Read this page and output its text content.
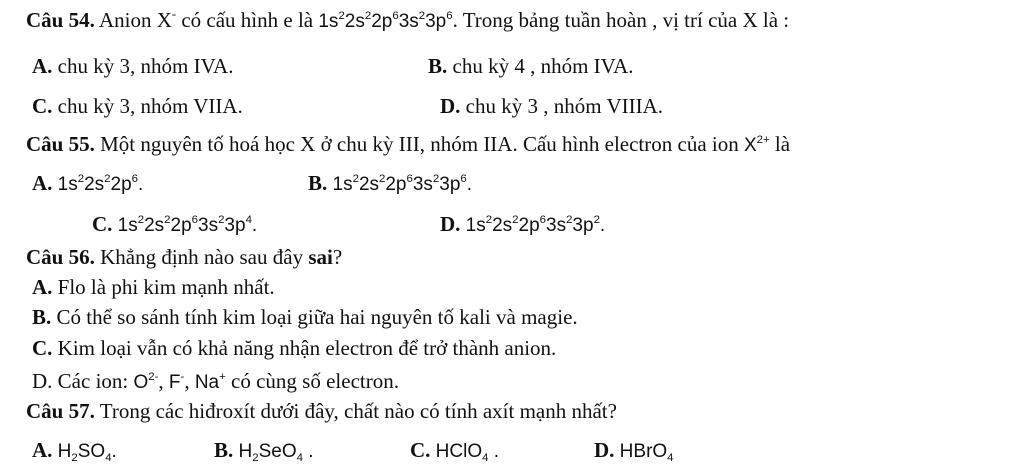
Câu 54. Anion X- có cấu hình e là $1s^22s^22p^63s^23p^6$. Trong bảng tuần hoàn , vị trí của X là :
A. chu kỳ 3, nhóm IVA.	B. chu kỳ 4 , nhóm IVA.
C. chu kỳ 3, nhóm VIIA.	D. chu kỳ 3 , nhóm VIIIA.
Câu 55. Một nguyên tố hoá học X ở chu kỳ III, nhóm IIA. Cấu hình electron của ion $X^{2+}$ là
A. $1s^22s^22p^6$.	B. $1s^22s^22p^63s^23p^6$.
C. $1s^22s^22p^63s^23p^4$.	D. $1s^22s^22p^63s^23p^2$.
Câu 56. Khẳng định nào sau đây sai?
A. Flo là phi kim mạnh nhất.
B. Có thể so sánh tính kim loại giữa hai nguyên tố kali và magie.
C. Kim loại vẫn có khả năng nhận electron để trở thành anion.
D. Các ion: $O^{2-}$, F-, Na+ có cùng số electron.
Câu 57. Trong các hiđroxít dưới đây, chất nào có tính axít mạnh nhất?
A. $H_2SO_4$.	B. $H_2SeO_4$ .	C. HClO$_4$ .	D. HBrO$_4$
